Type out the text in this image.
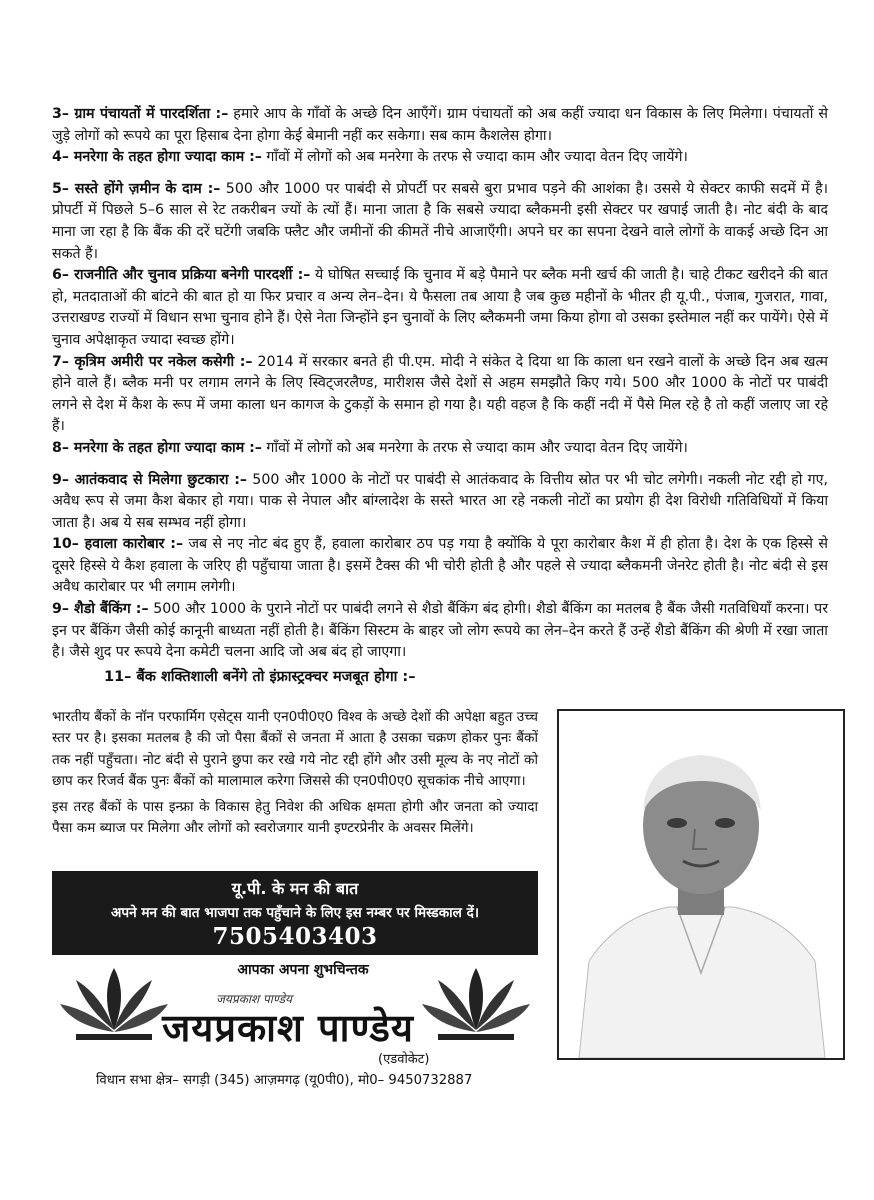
3– ग्राम पंचायतों में पारदर्शिता :– हमारे आप के गाँवों के अच्छे दिन आएँगें। ग्राम पंचायतों को अब कहीं ज्यादा धन विकास के लिए मिलेगा। पंचायतों से जुड़े लोगों को रूपये का पूरा हिसाब देना होगा केई बेमानी नहीं कर सकेगा। सब काम कैशलेस होगा।

4– मनरेगा के तहत होगा ज्यादा काम :– गाँवों में लोगों को अब मनरेगा के तरफ से ज्यादा काम और ज्यादा वेतन दिए जायेंगे।

5– सस्ते होंगे ज़मीन के दाम :– 500 और 1000 पर पाबंदी से प्रोपर्टी पर सबसे बुरा प्रभाव पड़ने की आशंका है। उससे ये सेक्टर काफी सदमें में है। प्रोपर्टी में पिछले 5–6 साल से रेट तकरीबन ज्यों के त्यों हैं। माना जाता है कि सबसे ज्यादा ब्लैकमनी इसी सेक्टर पर खपाई जाती है। नोट बंदी के बाद माना जा रहा है कि बैंक की दरें घटेंगी जबकि फ्लैट और जमीनों की कीमतें नीचे आजाएँगी। अपने घर का सपना देखने वाले लोगों के वाकई अच्छे दिन आ सकते हैं।

6– राजनीति और चुनाव प्रक्रिया बनेगी पारदर्शी :– ये घोषित सच्चाई कि चुनाव में बड़े पैमाने पर ब्लैक मनी खर्च की जाती है। चाहे टीकट खरीदने की बात हो, मतदाताओं की बांटने की बात हो या फिर प्रचार व अन्य लेन–देन। ये फैसला तब आया है जब कुछ महीनों के भीतर ही यू.पी., पंजाब, गुजरात, गावा, उत्तराखण्ड राज्यों में विधान सभा चुनाव होने हैं। ऐसे नेता जिन्होंने इन चुनावों के लिए ब्लैकमनी जमा किया होगा वो उसका इस्तेमाल नहीं कर पायेंगे। ऐसे में चुनाव अपेक्षाकृत ज्यादा स्वच्छ होंगे।

7– कृत्रिम अमीरी पर नकेल कसेगी :– 2014 में सरकार बनते ही पी.एम. मोदी ने संकेत दे दिया था कि काला धन रखने वालों के अच्छे दिन अब खत्म होने वाले हैं। ब्लैक मनी पर लगाम लगने के लिए स्विट्जरलैण्ड, मारीशस जैसे देशों से अहम समझौते किए गये। 500 और 1000 के नोटों पर पाबंदी लगने से देश में कैश के रूप में जमा काला धन कागज के टुकड़ों के समान हो गया है। यही वहज है कि कहीं नदी में पैसे मिल रहे है तो कहीं जलाए जा रहे हैं।

8– मनरेगा के तहत होगा ज्यादा काम :– गाँवों में लोगों को अब मनरेगा के तरफ से ज्यादा काम और ज्यादा वेतन दिए जायेंगे।

9– आतंकवाद से मिलेगा छुटकारा :– 500 और 1000 के नोटों पर पाबंदी से आतंकवाद के वित्तीय स्रोत पर भी चोट लगेगी। नकली नोट रद्दी हो गए, अवैध रूप से जमा कैश बेकार हो गया। पाक से नेपाल और बांग्लादेश के सस्ते भारत आ रहे नकली नोटों का प्रयोग ही देश विरोधी गतिविधियों में किया जाता है। अब ये सब सम्भव नहीं होगा।

10– हवाला कारोबार :– जब से नए नोट बंद हुए हैं, हवाला कारोबार ठप पड़ गया है क्योंकि ये पूरा कारोबार कैश में ही होता है। देश के एक हिस्से से दूसरे हिस्से ये कैश हवाला के जरिए ही पहुँचाया जाता है। इसमें टैक्स की भी चोरी होती है और पहले से ज्यादा ब्लैकमनी जेनरेट होती है। नोट बंदी से इस अवैध कारोबार पर भी लगाम लगेगी।

9– शैडो बैंकिंग :– 500 और 1000 के पुराने नोटों पर पाबंदी लगने से शैडो बैंकिंग बंद होगी। शैडो बैंकिंग का मतलब है बैंक जैसी गतविधियाँ करना। पर इन पर बैंकिंग जैसी कोई कानूनी बाध्यता नहीं होती है। बैंकिंग सिस्टम के बाहर जो लोग रूपये का लेन–देन करते हैं उन्हें शैडो बैंकिंग की श्रेणी में रखा जाता है। जैसे शुद पर रूपये देना कमेटी चलना आदि जो अब बंद हो जाएगा।

11– बैंक शक्तिशाली बनेंगे तो इंफ्रास्ट्रक्चर मजबूत होगा :–

भारतीय बैंकों के नॉन परफार्मिग एसेट्स यानी एन0पी0ए0 विश्व के अच्छे देशों की अपेक्षा बहुत उच्च स्तर पर है। इसका मतलब है की जो पैसा बैंकों से जनता में आता है उसका चक्रण होकर पुनः बैंकों तक नहीं पहुँचता। नोट बंदी से पुराने छुपा कर रखे गये नोट रद्दी होंगे और उसी मूल्य के नए नोटों को छाप कर रिजर्व बैंक पुनः बैंकों को मालामाल करेगा जिससे की एन0पी0ए0 सूचकांक नीचे आएगा।

इस तरह बैंकों के पास इन्फ्रा के विकास हेतु निवेश की अधिक क्षमता होगी और जनता को ज्यादा पैसा कम ब्याज पर मिलेगा और लोगों को स्वरोजगार यानी इण्टरप्रेनीर के अवसर मिलेंगे।

यू.पी. के मन की बात
अपने मन की बात भाजपा तक पहुँचाने के लिए इस नम्बर पर मिस्डकाल दें।
7505403403
आपका अपना शुभचिन्तक
जयप्रकाश पाण्डेय
जयप्रकाश पाण्डेय
(एडवोकेट)
विधान सभा क्षेत्र– सगड़ी (345) आज़मगढ़ (यू0पी0), मो0– 9450732887
